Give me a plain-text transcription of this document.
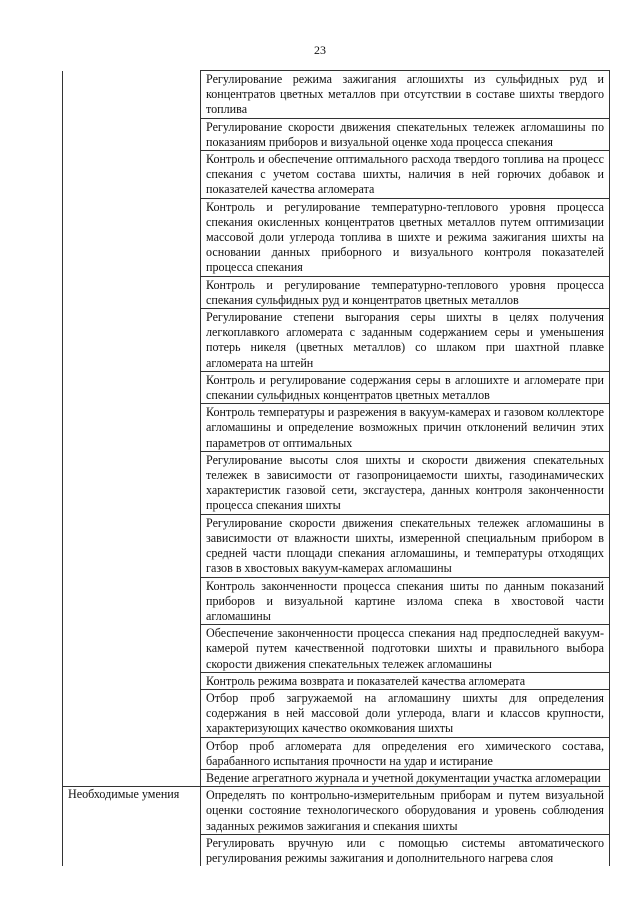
23
	Регулирование режима зажигания аглошихты из сульфидных руд и концентратов цветных металлов при отсутствии в составе шихты твердого топлива
	Регулирование скорости движения спекательных тележек агломашины по показаниям приборов и визуальной оценке хода процесса спекания
	Контроль и обеспечение оптимального расхода твердого топлива на процесс спекания с учетом состава шихты, наличия в ней горючих добавок и показателей качества агломерата
	Контроль и регулирование температурно-теплового уровня процесса спекания окисленных концентратов цветных металлов путем оптимизации массовой доли углерода топлива в шихте и режима зажигания шихты на основании данных приборного и визуального контроля показателей процесса спекания
	Контроль и регулирование температурно-теплового уровня процесса спекания сульфидных руд и концентратов цветных металлов
	Регулирование степени выгорания серы шихты в целях получения легкоплавкого агломерата с заданным содержанием серы и уменьшения потерь никеля (цветных металлов) со шлаком при шахтной плавке агломерата на штейн
	Контроль и регулирование содержания серы в аглошихте и агломерате при спекании сульфидных концентратов цветных металлов
	Контроль температуры и разрежения в вакуум-камерах и газовом коллекторе агломашины и определение возможных причин отклонений величин этих параметров от оптимальных
	Регулирование высоты слоя шихты и скорости движения спекательных тележек в зависимости от газопроницаемости шихты, газодинамических характеристик газовой сети, эксгаустера, данных контроля законченности процесса спекания шихты
	Регулирование скорости движения спекательных тележек агломашины в зависимости от влажности шихты, измеренной специальным прибором в средней части площади спекания агломашины, и температуры отходящих газов в хвостовых вакуум-камерах агломашины
	Контроль законченности процесса спекания шиты по данным показаний приборов и визуальной картине излома спека в хвостовой части агломашины
	Обеспечение законченности процесса спекания над предпоследней вакуум-камерой путем качественной подготовки шихты и правильного выбора скорости движения спекательных тележек агломашины
	Контроль режима возврата и показателей качества агломерата
	Отбор проб загружаемой на агломашину шихты для определения содержания в ней массовой доли углерода, влаги и классов крупности, характеризующих качество окомкования шихты
	Отбор проб агломерата для определения его химического состава, барабанного испытания прочности на удар и истирание
	Ведение агрегатного журнала и учетной документации участка агломерации
Необходимые умения	Определять по контрольно-измерительным приборам и путем визуальной оценки состояние технологического оборудования и уровень соблюдения заданных режимов зажигания и спекания шихты
	Регулировать вручную или с помощью системы автоматического регулирования режимы зажигания и дополнительного нагрева слоя
